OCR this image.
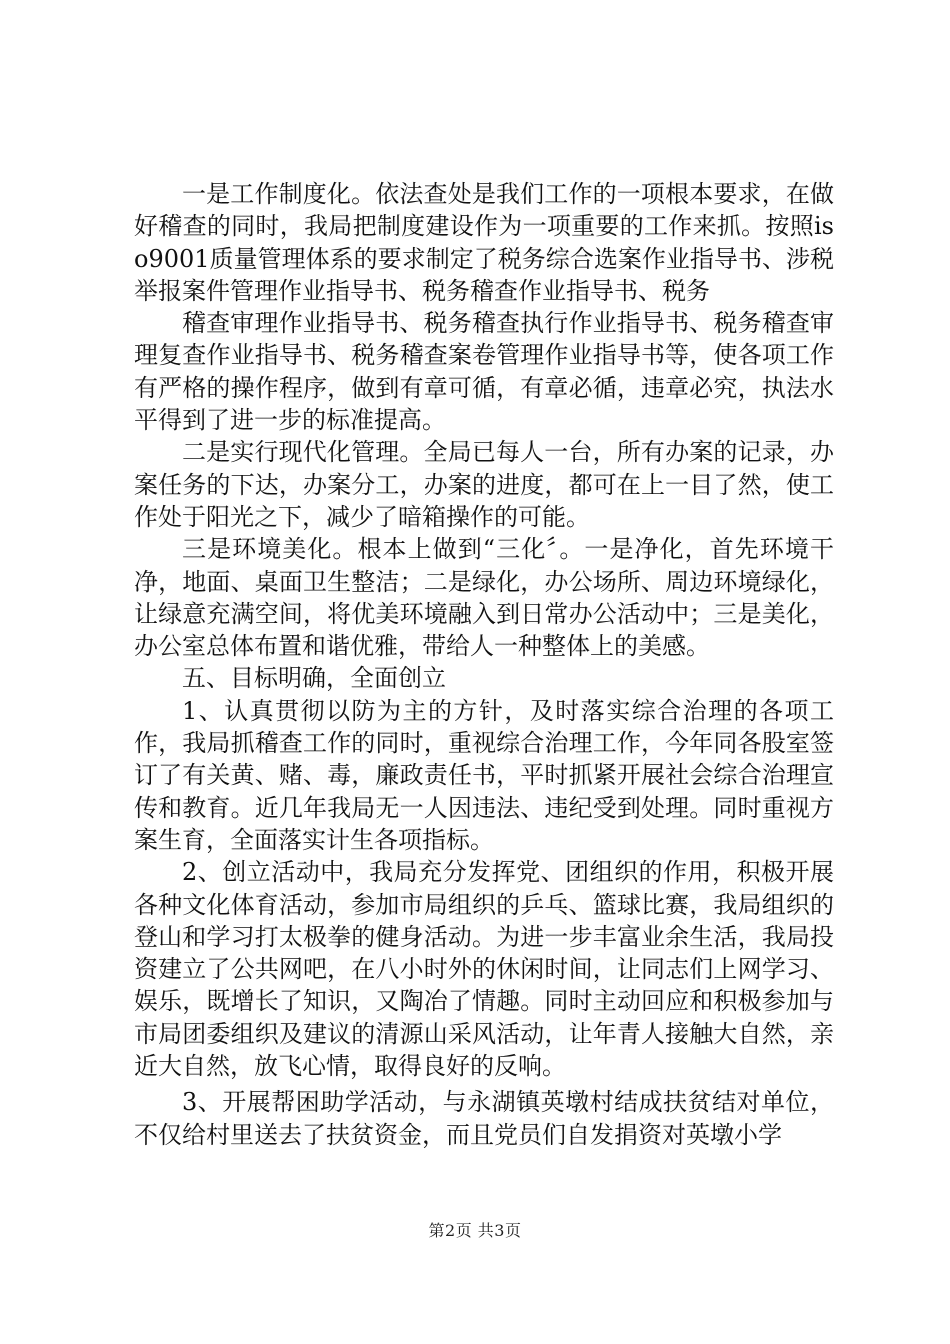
一是工作制度化。依法查处是我们工作的一项根本要求，在做好稽查的同时，我局把制度建设作为一项重要的工作来抓。按照iso9001质量管理体系的要求制定了税务综合选案作业指导书、涉税举报案件管理作业指导书、税务稽查作业指导书、税务

稽查审理作业指导书、税务稽查执行作业指导书、税务稽查审理复查作业指导书、税务稽查案卷管理作业指导书等，使各项工作有严格的操作程序，做到有章可循，有章必循，违章必究，执法水平得到了进一步的标准提高。

二是实行现代化管理。全局已每人一台，所有办案的记录，办案任务的下达，办案分工，办案的进度，都可在上一目了然，使工作处于阳光之下，减少了暗箱操作的可能。

三是环境美化。根本上做到“三化〞。一是净化，首先环境干净，地面、桌面卫生整洁；二是绿化，办公场所、周边环境绿化，让绿意充满空间，将优美环境融入到日常办公活动中；三是美化，办公室总体布置和谐优雅，带给人一种整体上的美感。

五、目标明确，全面创立

1、认真贯彻以防为主的方针，及时落实综合治理的各项工作，我局抓稽查工作的同时，重视综合治理工作，今年同各股室签订了有关黄、赌、毒，廉政责任书，平时抓紧开展社会综合治理宣传和教育。近几年我局无一人因违法、违纪受到处理。同时重视方案生育，全面落实计生各项指标。

2、创立活动中，我局充分发挥党、团组织的作用，积极开展各种文化体育活动，参加市局组织的乒乓、篮球比赛，我局组织的登山和学习打太极拳的健身活动。为进一步丰富业余生活，我局投资建立了公共网吧，在八小时外的休闲时间，让同志们上网学习、娱乐，既增长了知识，又陶冶了情趣。同时主动回应和积极参加与市局团委组织及建议的清源山采风活动，让年青人接触大自然，亲近大自然，放飞心情，取得良好的反响。

3、开展帮困助学活动，与永湖镇英墩村结成扶贫结对单位，不仅给村里送去了扶贫资金，而且党员们自发捐资对英墩小学

第2页 共3页
